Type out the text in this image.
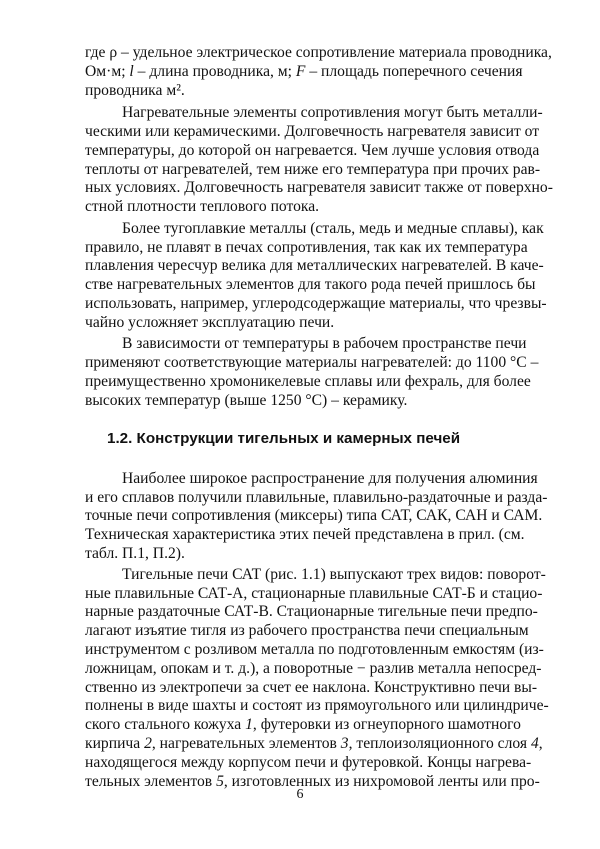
где ρ – удельное электрическое сопротивление материала проводника,
Ом·м; l – длина проводника, м; F – площадь поперечного сечения
проводника м².
Нагревательные элементы сопротивления могут быть металли-
ческими или керамическими. Долговечность нагревателя зависит от
температуры, до которой он нагревается. Чем лучше условия отвода
теплоты от нагревателей, тем ниже его температура при прочих рав-
ных условиях. Долговечность нагревателя зависит также от поверхно-
стной плотности теплового потока.
Более тугоплавкие металлы (сталь, медь и медные сплавы), как
правило, не плавят в печах сопротивления, так как их температура
плавления чересчур велика для металлических нагревателей. В каче-
стве нагревательных элементов для такого рода печей пришлось бы
использовать, например, углеродсодержащие материалы, что чрезвы-
чайно усложняет эксплуатацию печи.
В зависимости от температуры в рабочем пространстве печи
применяют соответствующие материалы нагревателей: до 1100 °С –
преимущественно хромоникелевые сплавы или фехраль, для более
высоких температур (выше 1250 °С) – керамику.
1.2. Конструкции тигельных и камерных печей
Наиболее широкое распространение для получения алюминия
и его сплавов получили плавильные, плавильно-раздаточные и разда-
точные печи сопротивления (миксеры) типа САТ, САК, САН и САМ.
Техническая характеристика этих печей представлена в прил. (см.
табл. П.1, П.2).
Тигельные печи САТ (рис. 1.1) выпускают трех видов: поворот-
ные плавильные САТ-А, стационарные плавильные САТ-Б и стацио-
нарные раздаточные САТ-В. Стационарные тигельные печи предпо-
лагают изъятие тигля из рабочего пространства печи специальным
инструментом с розливом металла по подготовленным емкостям (из-
ложницам, опокам и т. д.), а поворотные − разлив металла непосред-
ственно из электропечи за счет ее наклона. Конструктивно печи вы-
полнены в виде шахты и состоят из прямоугольного или цилиндриче-
ского стального кожуха 1, футеровки из огнеупорного шамотного
кирпича 2, нагревательных элементов 3, теплоизоляционного слоя 4,
находящегося между корпусом печи и футеровкой. Концы нагрева-
тельных элементов 5, изготовленных из нихромовой ленты или про-
6
